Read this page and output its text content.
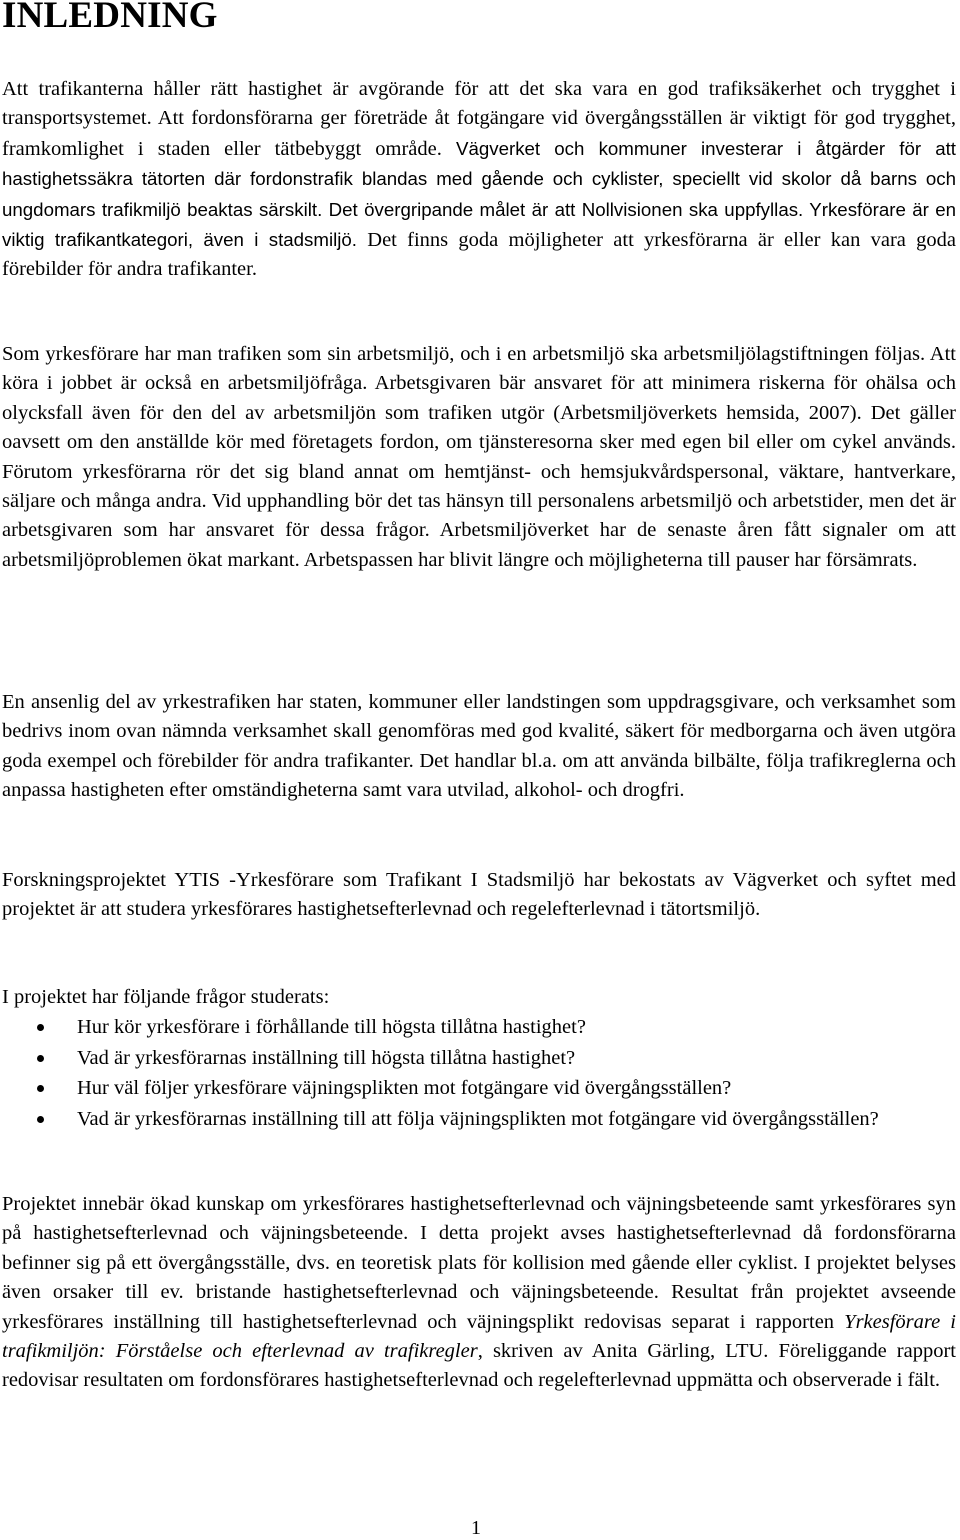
INLEDNING

Att trafikanterna håller rätt hastighet är avgörande för att det ska vara en god trafiksäkerhet och trygghet i transportsystemet. Att fordonsförarna ger företräde åt fotgängare vid övergångsställen är viktigt för god trygghet, framkomlighet i staden eller tätbebyggt område. Vägverket och kommuner investerar i åtgärder för att hastighetssäkra tätorten där fordonstrafik blandas med gående och cyklister, speciellt vid skolor då barns och ungdomars trafikmiljö beaktas särskilt. Det övergripande målet är att Nollvisionen ska uppfyllas. Yrkesförare är en viktig trafikantkategori, även i stadsmiljö. Det finns goda möjligheter att yrkesförarna är eller kan vara goda förebilder för andra trafikanter.

Som yrkesförare har man trafiken som sin arbetsmiljö, och i en arbetsmiljö ska arbetsmiljölagstiftningen följas. Att köra i jobbet är också en arbetsmiljöfråga. Arbetsgivaren bär ansvaret för att minimera riskerna för ohälsa och olycksfall även för den del av arbetsmiljön som trafiken utgör (Arbetsmiljöverkets hemsida, 2007). Det gäller oavsett om den anställde kör med företagets fordon, om tjänsteresorna sker med egen bil eller om cykel används. Förutom yrkesförarna rör det sig bland annat om hemtjänst- och hemsjukvårdspersonal, väktare, hantverkare, säljare och många andra. Vid upphandling bör det tas hänsyn till personalens arbetsmiljö och arbetstider, men det är arbetsgivaren som har ansvaret för dessa frågor. Arbetsmiljöverket har de senaste åren fått signaler om att arbetsmiljöproblemen ökat markant. Arbetspassen har blivit längre och möjligheterna till pauser har försämrats.

En ansenlig del av yrkestrafiken har staten, kommuner eller landstingen som uppdragsgivare, och verksamhet som bedrivs inom ovan nämnda verksamhet skall genomföras med god kvalité, säkert för medborgarna och även utgöra goda exempel och förebilder för andra trafikanter. Det handlar bl.a. om att använda bilbälte, följa trafikreglerna och anpassa hastigheten efter omständigheterna samt vara utvilad, alkohol- och drogfri.

Forskningsprojektet YTIS -Yrkesförare som Trafikant I Stadsmiljö har bekostats av Vägverket och syftet med projektet är att studera yrkesförares hastighetsefterlevnad och regelefterlevnad i tätortsmiljö.

I projektet har följande frågor studerats:

Hur kör yrkesförare i förhållande till högsta tillåtna hastighet?
Vad är yrkesförarnas inställning till högsta tillåtna hastighet?
Hur väl följer yrkesförare väjningsplikten mot fotgängare vid övergångsställen?
Vad är yrkesförarnas inställning till att följa väjningsplikten mot fotgängare vid övergångsställen?

Projektet innebär ökad kunskap om yrkesförares hastighetsefterlevnad och väjningsbeteende samt yrkesförares syn på hastighetsefterlevnad och väjningsbeteende. I detta projekt avses hastighetsefterlevnad då fordonsförarna befinner sig på ett övergångsställe, dvs. en teoretisk plats för kollision med gående eller cyklist. I projektet belyses även orsaker till ev. bristande hastighetsefterlevnad och väjningsbeteende. Resultat från projektet avseende yrkesförares inställning till hastighetsefterlevnad och väjningsplikt redovisas separat i rapporten Yrkesförare i trafikmiljön: Förståelse och efterlevnad av trafikregler, skriven av Anita Gärling, LTU. Föreliggande rapport redovisar resultaten om fordonsförares hastighetsefterlevnad och regelefterlevnad uppmätta och observerade i fält.

1
